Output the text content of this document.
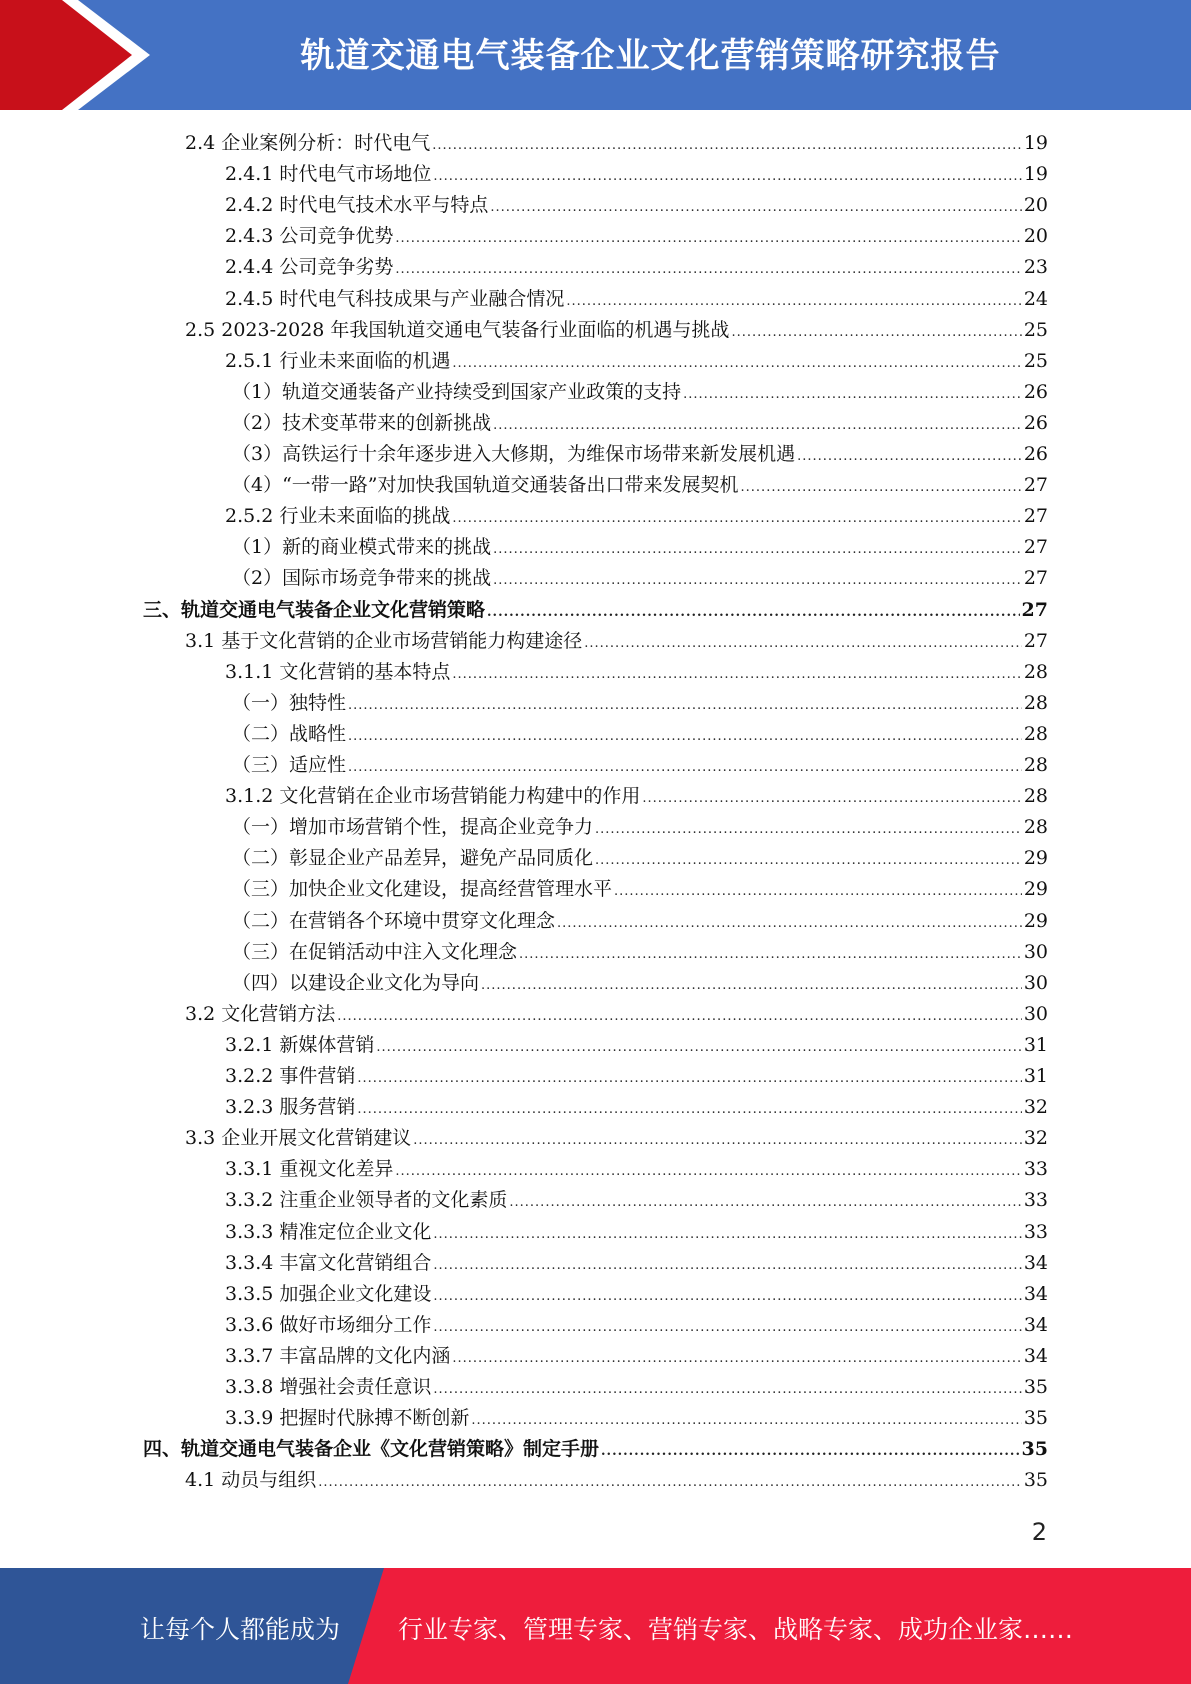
轨道交通电气装备企业文化营销策略研究报告
2.4 企业案例分析：时代电气 .....	19
2.4.1 时代电气市场地位 .....	19
2.4.2 时代电气技术水平与特点 .....	20
2.4.3 公司竞争优势 .....	20
2.4.4 公司竞争劣势 .....	23
2.4.5 时代电气科技成果与产业融合情况 .....	24
2.5 2023-2028 年我国轨道交通电气装备行业面临的机遇与挑战 .....	25
2.5.1 行业未来面临的机遇 .....	25
（1）轨道交通装备产业持续受到国家产业政策的支持 .....	26
（2）技术变革带来的创新挑战 .....	26
（3）高铁运行十余年逐步进入大修期，为维保市场带来新发展机遇 .....	26
（4）“一带一路”对加快我国轨道交通装备出口带来发展契机 .....	27
2.5.2 行业未来面临的挑战 .....	27
（1）新的商业模式带来的挑战 .....	27
（2）国际市场竞争带来的挑战 .....	27
三、轨道交通电气装备企业文化营销策略 .....	27
3.1 基于文化营销的企业市场营销能力构建途径 .....	27
3.1.1 文化营销的基本特点 .....	28
（一）独特性 .....	28
（二）战略性 .....	28
（三）适应性 .....	28
3.1.2 文化营销在企业市场营销能力构建中的作用 .....	28
（一）增加市场营销个性，提高企业竞争力 .....	28
（二）彰显企业产品差异，避免产品同质化 .....	29
（三）加快企业文化建设，提高经营管理水平 .....	29
（二）在营销各个环境中贯穿文化理念 .....	29
（三）在促销活动中注入文化理念 .....	30
（四）以建设企业文化为导向 .....	30
3.2 文化营销方法 .....	30
3.2.1 新媒体营销 .....	31
3.2.2 事件营销 .....	31
3.2.3 服务营销 .....	32
3.3 企业开展文化营销建议 .....	32
3.3.1 重视文化差异 .....	33
3.3.2 注重企业领导者的文化素质 .....	33
3.3.3 精准定位企业文化 .....	33
3.3.4 丰富文化营销组合 .....	34
3.3.5 加强企业文化建设 .....	34
3.3.6 做好市场细分工作 .....	34
3.3.7 丰富品牌的文化内涵 .....	34
3.3.8 增强社会责任意识 .....	35
3.3.9 把握时代脉搏不断创新 .....	35
四、轨道交通电气装备企业《文化营销策略》制定手册 .....	35
4.1 动员与组织 .....	35
2
让每个人都能成为 行业专家、管理专家、营销专家、战略专家、成功企业家……
